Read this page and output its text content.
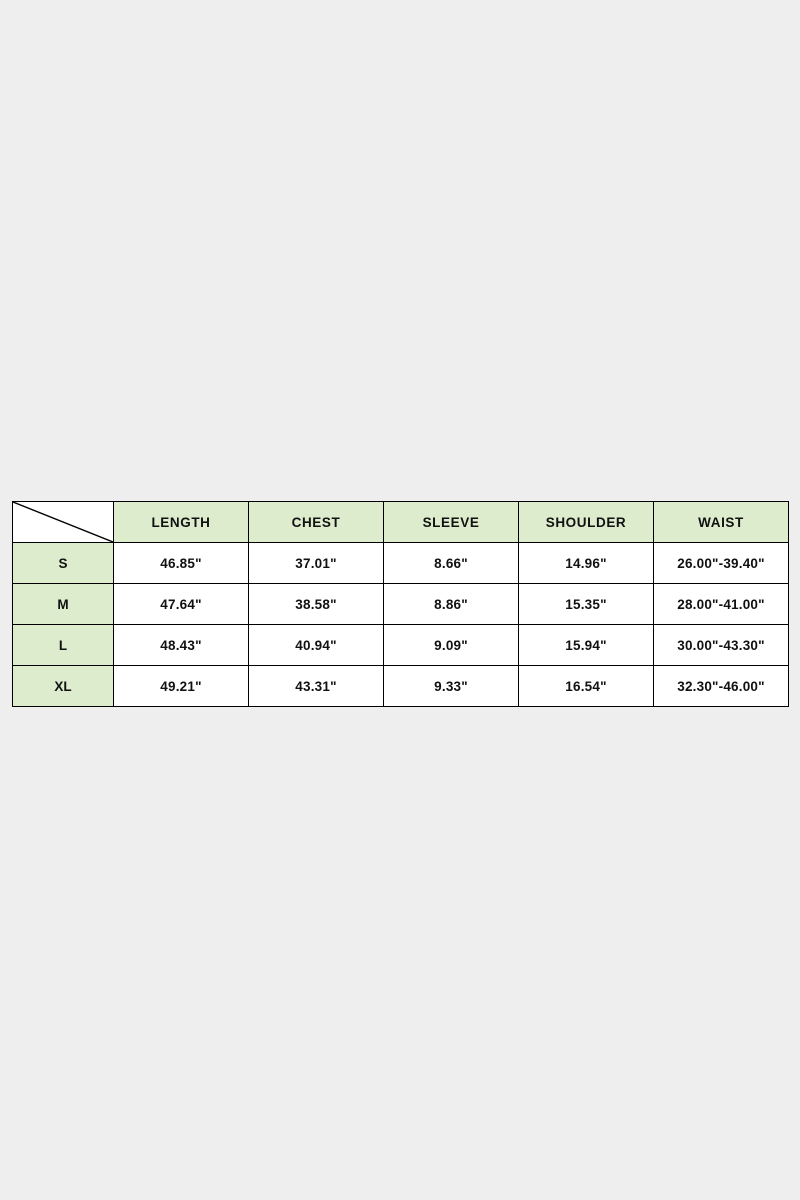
	LENGTH	CHEST	SLEEVE	SHOULDER	WAIST
S	46.85"	37.01"	8.66"	14.96"	26.00"-39.40"
M	47.64"	38.58"	8.86"	15.35"	28.00"-41.00"
L	48.43"	40.94"	9.09"	15.94"	30.00"-43.30"
XL	49.21"	43.31"	9.33"	16.54"	32.30"-46.00"
